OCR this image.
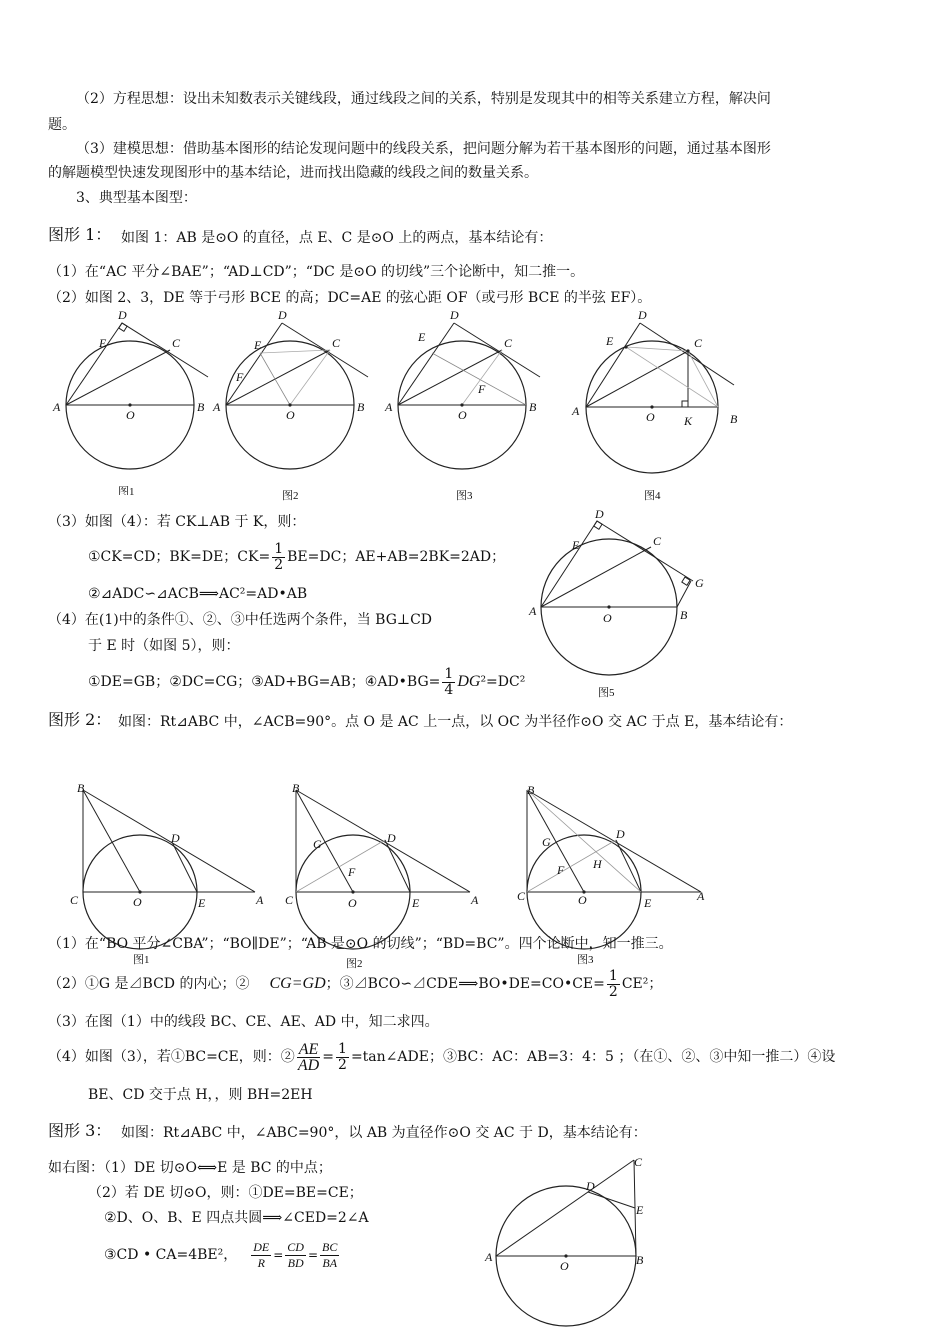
（2）方程思想：设出未知数表示关键线段，通过线段之间的关系，特别是发现其中的相等关系建立方程，解决问
题。
（3）建模思想：借助基本图形的结论发现问题中的线段关系，把问题分解为若干基本图形的问题，通过基本图形
的解题模型快速发现图形中的基本结论，进而找出隐藏的线段之间的数量关系。
3、典型基本图型：
图形 1： 如图 1：AB 是⊙O 的直径，点 E、C 是⊙O 上的两点，基本结论有：
（1）在“AC 平分∠BAE”；“AD⊥CD”；“DC 是⊙O 的切线”三个论断中，知二推一。
（2）如图 2、3，DE 等于弓形 BCE 的高；DC=AE 的弦心距 OF（或弓形 BCE 的半弦 EF）。
D
E	C
A	B
O
图1
D
E	C
F
A	B
O
图2
D
E	C
F
A	B
O
图3
D
E	C
A
B
O K
图4
（3）如图（4）：若 CK⊥AB 于 K，则：
①CK=CD；BK=DE；$CK= \frac{1}{2} BE=DC$；AE+AB=2BK=2AD；
②⊿ADC∽⊿ACB⟹AC²=AD•AB
（4）在(1)中的条件①、②、③中任选两个条件，当 BG⊥CD
于 E 时（如图 5），则：
①DE=GB；②DC=CG；③AD+BG=AB；④AD•BG= $\frac{1}{4}$ DG ²=DC²
D
E	C
G
A	B
O
图5
图形 2： 如图：Rt⊿ABC 中，∠ACB=90°。点 O 是 AC 上一点，以 OC 为半径作⊙O 交 AC 于点 E，基本结论有：
B
D
C	O	E	A
图1
B
D
G
F
C	O	E	A
图2
B
D
G
F H
C	O	E	A
图3
（1）在“BO 平分∠CBA”；“BO∥DE”；“AB 是⊙O 的切线”；“BD=BC”。四个论断中，知一推三。
（2）①G 是⊿BCD 的内心；② CG=GD ；③⊿BCO∽⊿CDE⟹BO•DE=CO•CE= $\frac{1}{2} CE^2$；
（3）在图（1）中的线段 BC、CE、AE、AD 中，知二求四。
（4）如图（3），若①BC=CE，则：② $\frac{AE}{AD} = \frac{1}{2}$ =tan∠ADE；③BC：AC：AB=3：4：5 ；（在①、②、③中知一推二）④设
BE、CD 交于点 H，，则 BH=2EH
图形 3： 如图：Rt⊿ABC 中，∠ABC=90°，以 AB 为直径作⊙O 交 AC 于 D，基本结论有：
如右图：（1）DE 切⊙O⟺E 是 BC 的中点；
（2）若 DE 切⊙O，则：①DE=BE=CE；
②D、O、B、E 四点共圆⟹∠CED=2∠A
③CD • CA=4BE²， $\frac{DE}{R} = \frac{CD}{BD} = \frac{BC}{BA}$
C
D
E
A	B
O
